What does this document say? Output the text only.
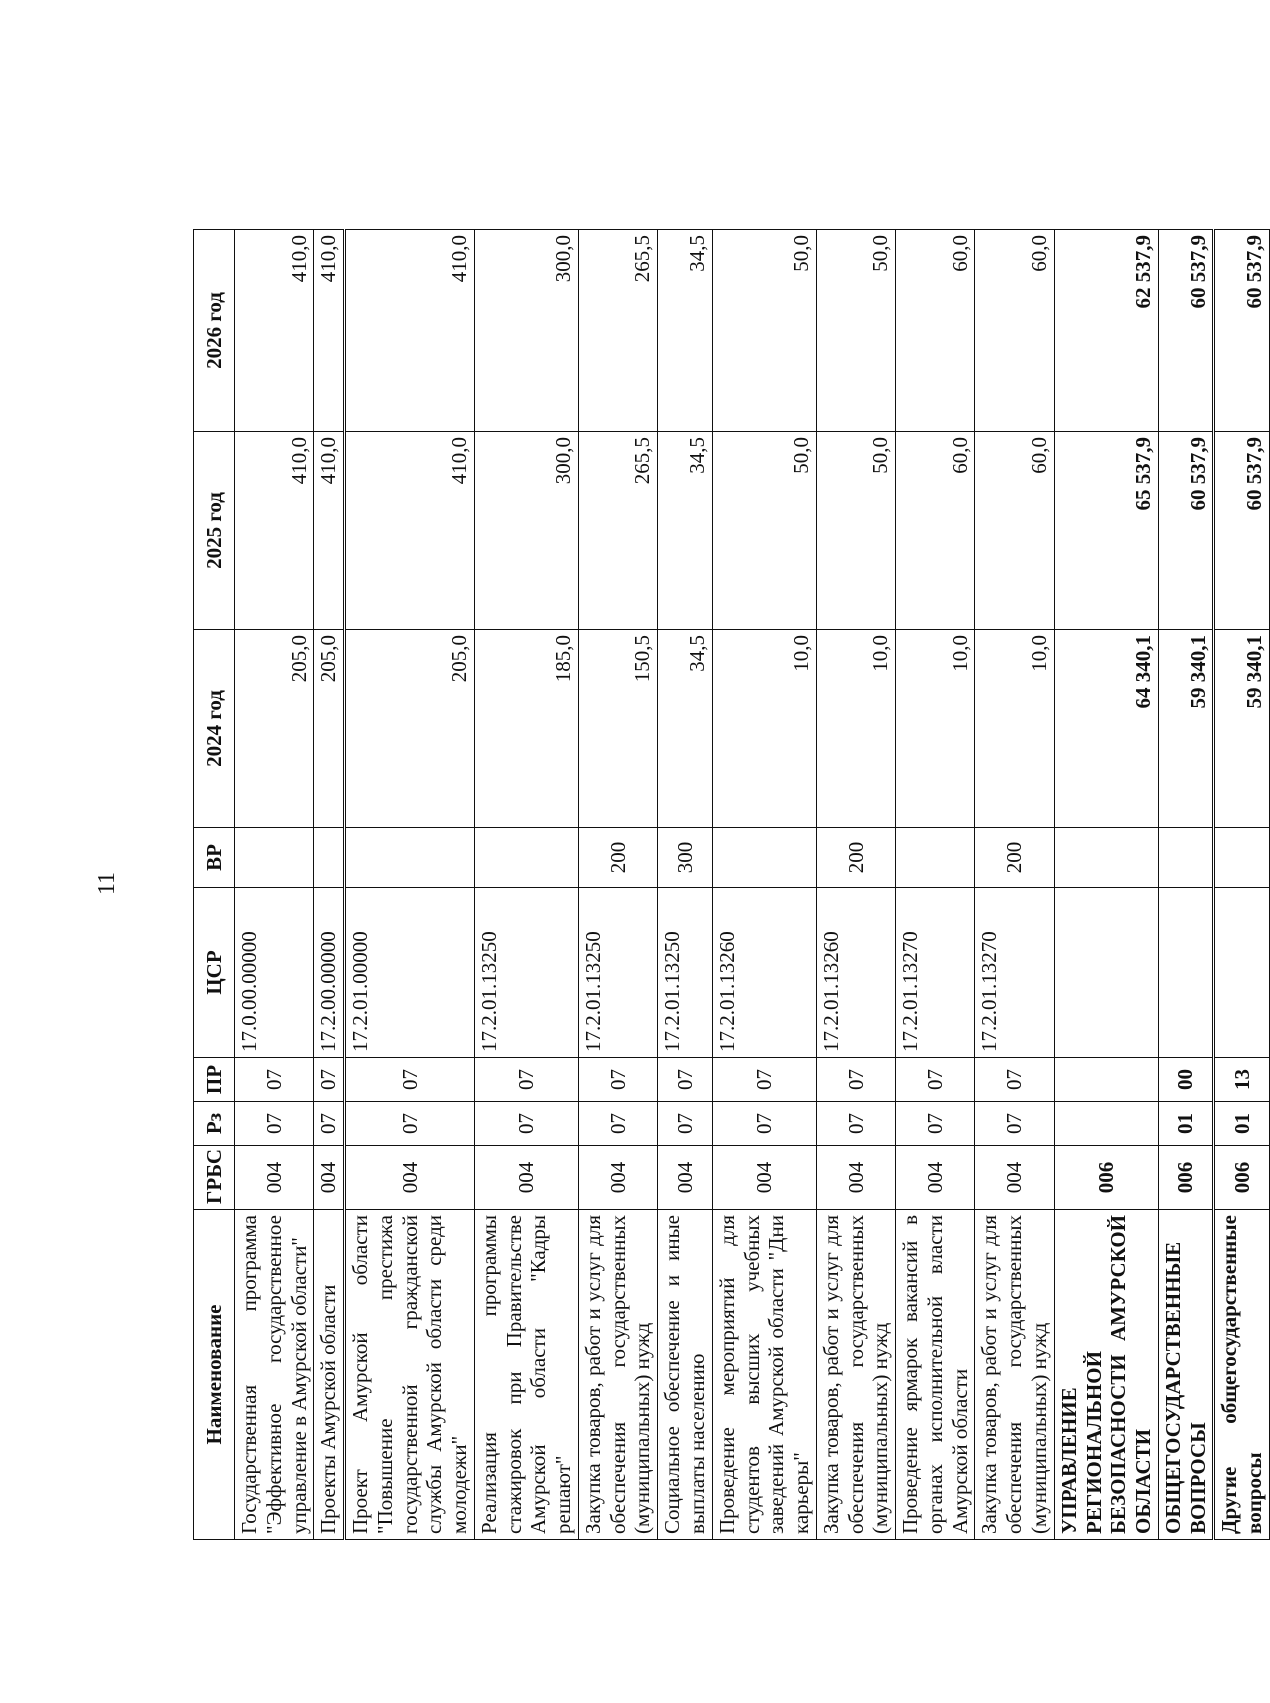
11
Наименование	ГРБС	Рз	ПР	ЦСР	ВР	2024 год	2025 год	2026 год
Государственная программа "Эффективное государственное управление в Амурской области"	004	07	07	17.0.00.00000		205,0	410,0	410,0
Проекты Амурской области	004	07	07	17.2.00.00000		205,0	410,0	410,0
Проект Амурской области "Повышение престижа государственной гражданской службы Амурской области среди молодежи"	004	07	07	17.2.01.00000		205,0	410,0	410,0
Реализация программы стажировок при Правительстве Амурской области "Кадры решают"	004	07	07	17.2.01.13250		185,0	300,0	300,0
Закупка товаров, работ и услуг для обеспечения государственных (муниципальных) нужд	004	07	07	17.2.01.13250	200	150,5	265,5	265,5
Социальное обеспечение и иные выплаты населению	004	07	07	17.2.01.13250	300	34,5	34,5	34,5
Проведение мероприятий для студентов высших учебных заведений Амурской области "Дни карьеры"	004	07	07	17.2.01.13260		10,0	50,0	50,0
Закупка товаров, работ и услуг для обеспечения государственных (муниципальных) нужд	004	07	07	17.2.01.13260	200	10,0	50,0	50,0
Проведение ярмарок вакансий в органах исполнительной власти Амурской области	004	07	07	17.2.01.13270		10,0	60,0	60,0
Закупка товаров, работ и услуг для обеспечения государственных (муниципальных) нужд	004	07	07	17.2.01.13270	200	10,0	60,0	60,0
УПРАВЛЕНИЕ РЕГИОНАЛЬНОЙ БЕЗОПАСНОСТИ АМУРСКОЙ ОБЛАСТИ	006					64 340,1	65 537,9	62 537,9
ОБЩЕГОСУДАРСТВЕННЫЕ ВОПРОСЫ	006	01	00			59 340,1	60 537,9	60 537,9
Другие общегосударственные вопросы	006	01	13			59 340,1	60 537,9	60 537,9
